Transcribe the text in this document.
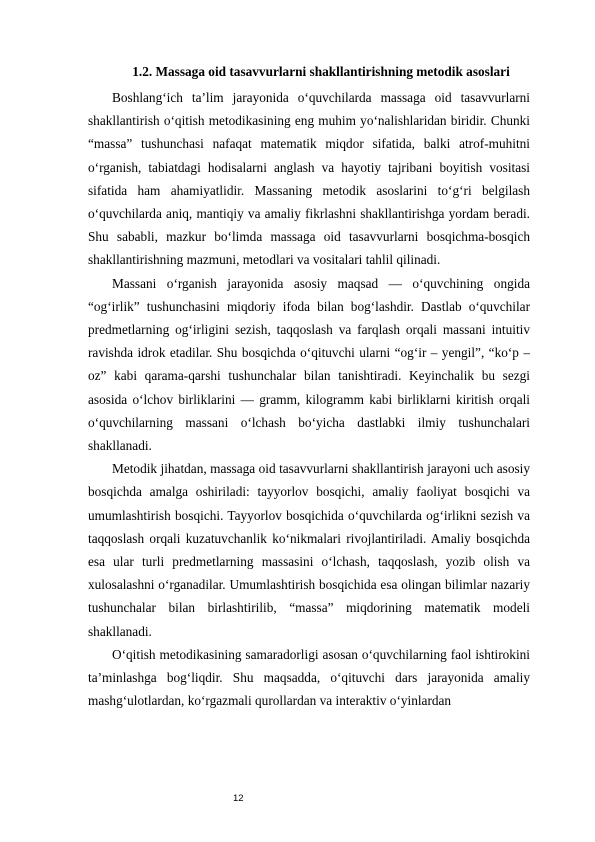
1.2. Massaga oid tasavvurlarni shakllantirishning metodik asoslari

Boshlang‘ich ta’lim jarayonida o‘quvchilarda massaga oid tasavvurlarni shakllantirish o‘qitish metodikasining eng muhim yo‘nalishlaridan biridir. Chunki “massa” tushunchasi nafaqat matematik miqdor sifatida, balki atrof-muhitni o‘rganish, tabiatdagi hodisalarni anglash va hayotiy tajribani boyitish vositasi sifatida ham ahamiyatlidir. Massaning metodik asoslarini to‘g‘ri belgilash o‘quvchilarda aniq, mantiqiy va amaliy fikrlashni shakllantirishga yordam beradi. Shu sababli, mazkur bo‘limda massaga oid tasavvurlarni bosqichma-bosqich shakllantirishning mazmuni, metodlari va vositalari tahlil qilinadi.

Massani o‘rganish jarayonida asosiy maqsad — o‘quvchining ongida “og‘irlik” tushunchasini miqdoriy ifoda bilan bog‘lashdir. Dastlab o‘quvchilar predmetlarning og‘irligini sezish, taqqoslash va farqlash orqali massani intuitiv ravishda idrok etadilar. Shu bosqichda o‘qituvchi ularni “og‘ir – yengil”, “ko‘p – oz” kabi qarama-qarshi tushunchalar bilan tanishtiradi. Keyinchalik bu sezgi asosida o‘lchov birliklarini — gramm, kilogramm kabi birliklarni kiritish orqali o‘quvchilarning massani o‘lchash bo‘yicha dastlabki ilmiy tushunchalari shakllanadi.

Metodik jihatdan, massaga oid tasavvurlarni shakllantirish jarayoni uch asosiy bosqichda amalga oshiriladi: tayyorlov bosqichi, amaliy faoliyat bosqichi va umumlashtirish bosqichi. Tayyorlov bosqichida o‘quvchilarda og‘irlikni sezish va taqqoslash orqali kuzatuvchanlik ko‘nikmalari rivojlantiriladi. Amaliy bosqichda esa ular turli predmetlarning massasini o‘lchash, taqqoslash, yozib olish va xulosalashni o‘rganadilar. Umumlashtirish bosqichida esa olingan bilimlar nazariy tushunchalar bilan birlashtirilib, “massa” miqdorining matematik modeli shakllanadi.

O‘qitish metodikasining samaradorligi asosan o‘quvchilarning faol ishtirokini ta’minlashga bog‘liqdir. Shu maqsadda, o‘qituvchi dars jarayonida amaliy mashg‘ulotlardan, ko‘rgazmali qurollardan va interaktiv o‘yinlardan

12
